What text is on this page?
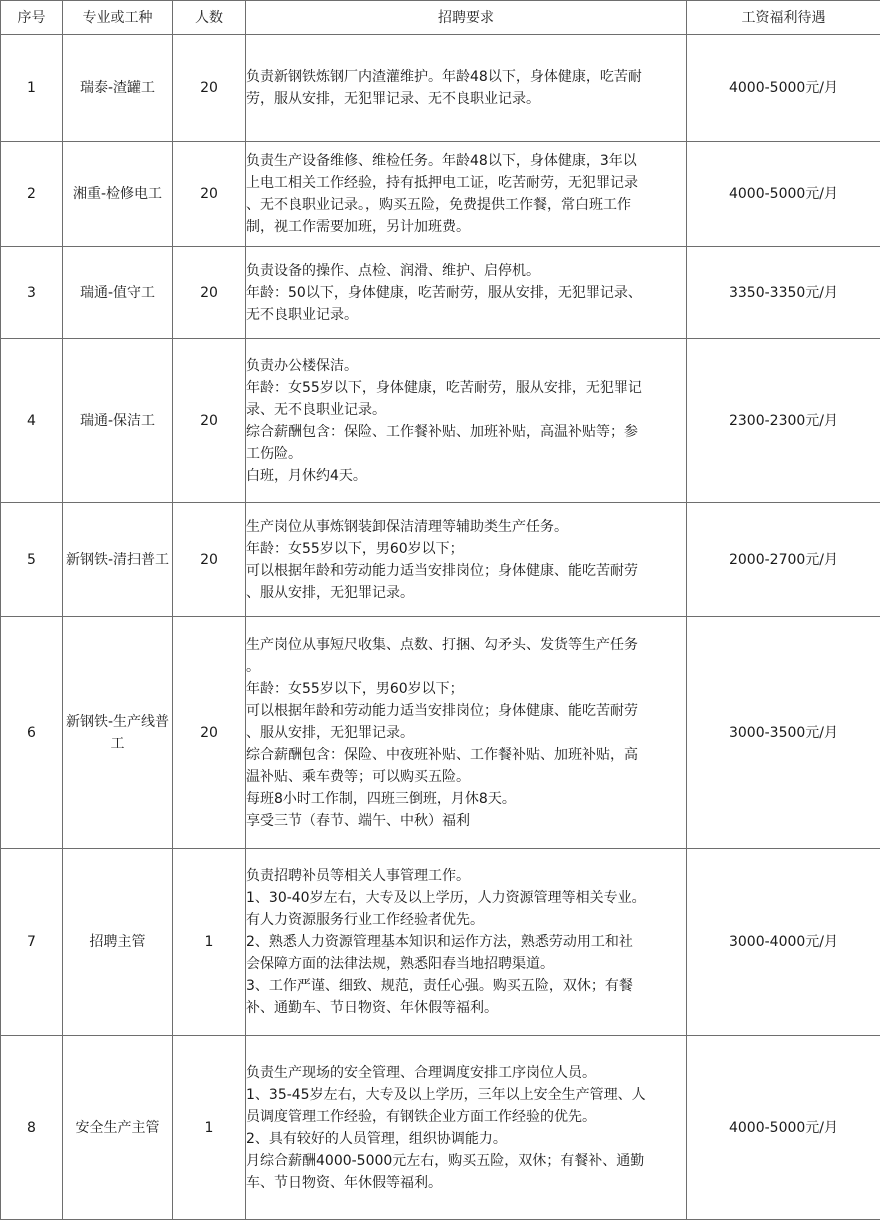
序号	专业或工种	人数	招聘要求	工资福利待遇
1	瑞泰-渣罐工	20	负责新钢铁炼钢厂内渣灌维护。年龄48以下，身体健康，吃苦耐
劳，服从安排，无犯罪记录、无不良职业记录。	4000-5000元/月
2	湘重-检修电工	20	负责生产设备维修、维检任务。年龄48以下，身体健康，3年以
上电工相关工作经验，持有抵押电工证，吃苦耐劳，无犯罪记录
、无不良职业记录。，购买五险，免费提供工作餐，常白班工作
制，视工作需要加班，另计加班费。	4000-5000元/月
3	瑞通-值守工	20	负责设备的操作、点检、润滑、维护、启停机。
年龄：50以下，身体健康，吃苦耐劳，服从安排，无犯罪记录、
无不良职业记录。	3350-3350元/月
4	瑞通-保洁工	20	
负责办公楼保洁。
年龄：女55岁以下，身体健康，吃苦耐劳，服从安排，无犯罪记
录、无不良职业记录。
综合薪酬包含：保险、工作餐补贴、加班补贴，高温补贴等；参
工伤险。
白班，月休约4天。
	2300-2300元/月
5	新钢铁-清扫普工	20	生产岗位从事炼钢装卸保洁清理等辅助类生产任务。
年龄：女55岁以下，男60岁以下；
可以根据年龄和劳动能力适当安排岗位；身体健康、能吃苦耐劳
、服从安排，无犯罪记录。	2000-2700元/月
6	新钢铁-生产线普工	20	
生产岗位从事短尺收集、点数、打捆、勾矛头、发货等生产任务
。
年龄：女55岁以下，男60岁以下；
可以根据年龄和劳动能力适当安排岗位；身体健康、能吃苦耐劳
、服从安排，无犯罪记录。
综合薪酬包含：保险、中夜班补贴、工作餐补贴、加班补贴，高
温补贴、乘车费等；可以购买五险。
每班8小时工作制，四班三倒班，月休8天。
享受三节（春节、端午、中秋）福利
	3000-3500元/月
7	招聘主管	1	
负责招聘补员等相关人事管理工作。
1、30-40岁左右，大专及以上学历，人力资源管理等相关专业。
有人力资源服务行业工作经验者优先。
2、熟悉人力资源管理基本知识和运作方法，熟悉劳动用工和社
会保障方面的法律法规，熟悉阳春当地招聘渠道。
3、工作严谨、细致、规范，责任心强。购买五险，双休；有餐
补、通勤车、节日物资、年休假等福利。
	3000-4000元/月
8	安全生产主管	1	
负责生产现场的安全管理、合理调度安排工序岗位人员。
1、35-45岁左右，大专及以上学历，三年以上安全生产管理、人
员调度管理工作经验，有钢铁企业方面工作经验的优先。
2、具有较好的人员管理，组织协调能力。
月综合薪酬4000-5000元左右，购买五险，双休；有餐补、通勤
车、节日物资、年休假等福利。
	4000-5000元/月
